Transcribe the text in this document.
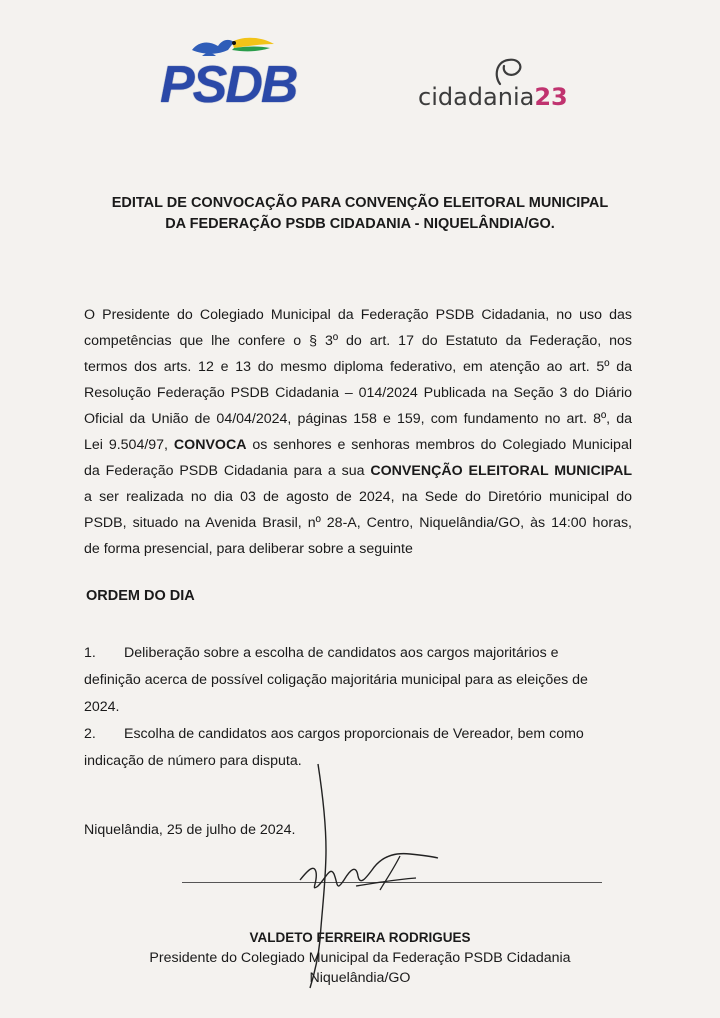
PSDB	cidadania23
EDITAL DE CONVOCAÇÃO PARA CONVENÇÃO ELEITORAL MUNICIPAL
DA FEDERAÇÃO PSDB CIDADANIA - NIQUELÂNDIA/GO.
O Presidente do Colegiado Municipal da Federação PSDB Cidadania, no uso das
competências que lhe confere o § 3º do art. 17 do Estatuto da Federação, nos
termos dos arts. 12 e 13 do mesmo diploma federativo, em atenção ao art. 5º da
Resolução Federação PSDB Cidadania – 014/2024 Publicada na Seção 3 do Diário
Oficial da União de 04/04/2024, páginas 158 e 159, com fundamento no art. 8º, da
Lei 9.504/97, CONVOCA os senhores e senhoras membros do Colegiado Municipal
da Federação PSDB Cidadania para a sua CONVENÇÃO ELEITORAL MUNICIPAL
a ser realizada no dia 03 de agosto de 2024, na Sede do Diretório municipal do
PSDB, situado na Avenida Brasil, nº 28-A, Centro, Niquelândia/GO, às 14:00 horas,
de forma presencial, para deliberar sobre a seguinte
ORDEM DO DIA
1. Deliberação sobre a escolha de candidatos aos cargos majoritários e
definição acerca de possível coligação majoritária municipal para as eleições de
2024.
2. Escolha de candidatos aos cargos proporcionais de Vereador, bem como
indicação de número para disputa.
Niquelândia, 25 de julho de 2024.
VALDETO FERREIRA RODRIGUES
Presidente do Colegiado Municipal da Federação PSDB Cidadania
Niquelândia/GO
